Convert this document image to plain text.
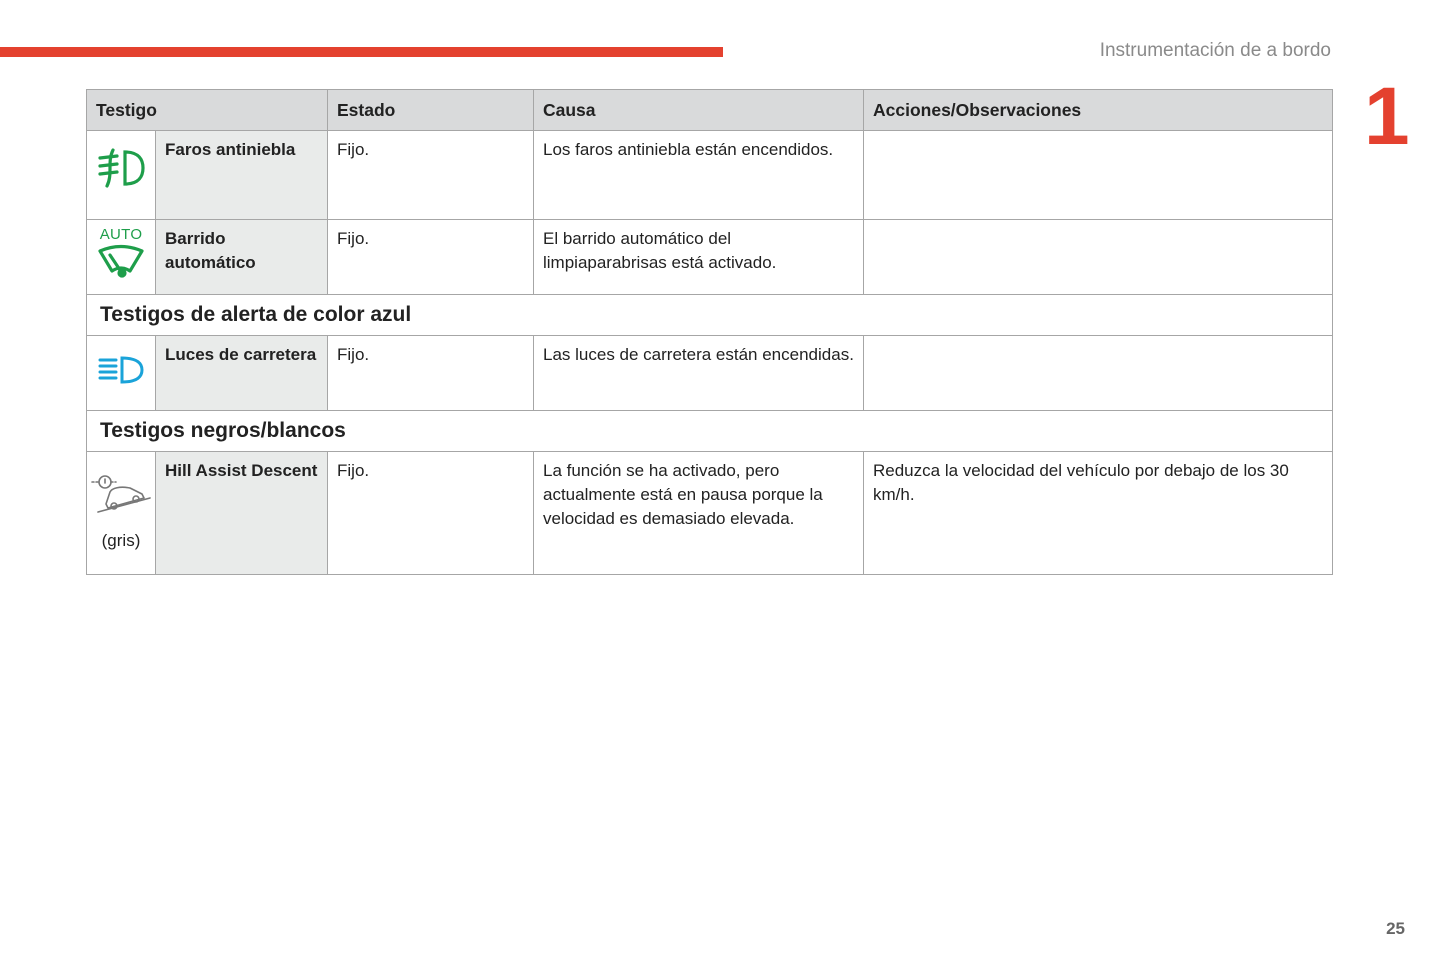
Instrumentación de a bordo
1
Testigo		Estado	Causa	Acciones/Observaciones
	Faros antiniebla	Fijo.	Los faros antiniebla están encendidos.	

AUTO	Barrido automático	Fijo.	El barrido automático del limpiaparabrisas está activado.	
Testigos de alerta de color azul				
	Luces de carretera	Fijo.	Las luces de carretera están encendidas.	
Testigos negros/blancos				

(gris)	Hill Assist Descent	Fijo.	La función se ha activado, pero actualmente está en pausa porque la velocidad es demasiado elevada.	Reduzca la velocidad del vehículo por debajo de los 30 km/h.
25
